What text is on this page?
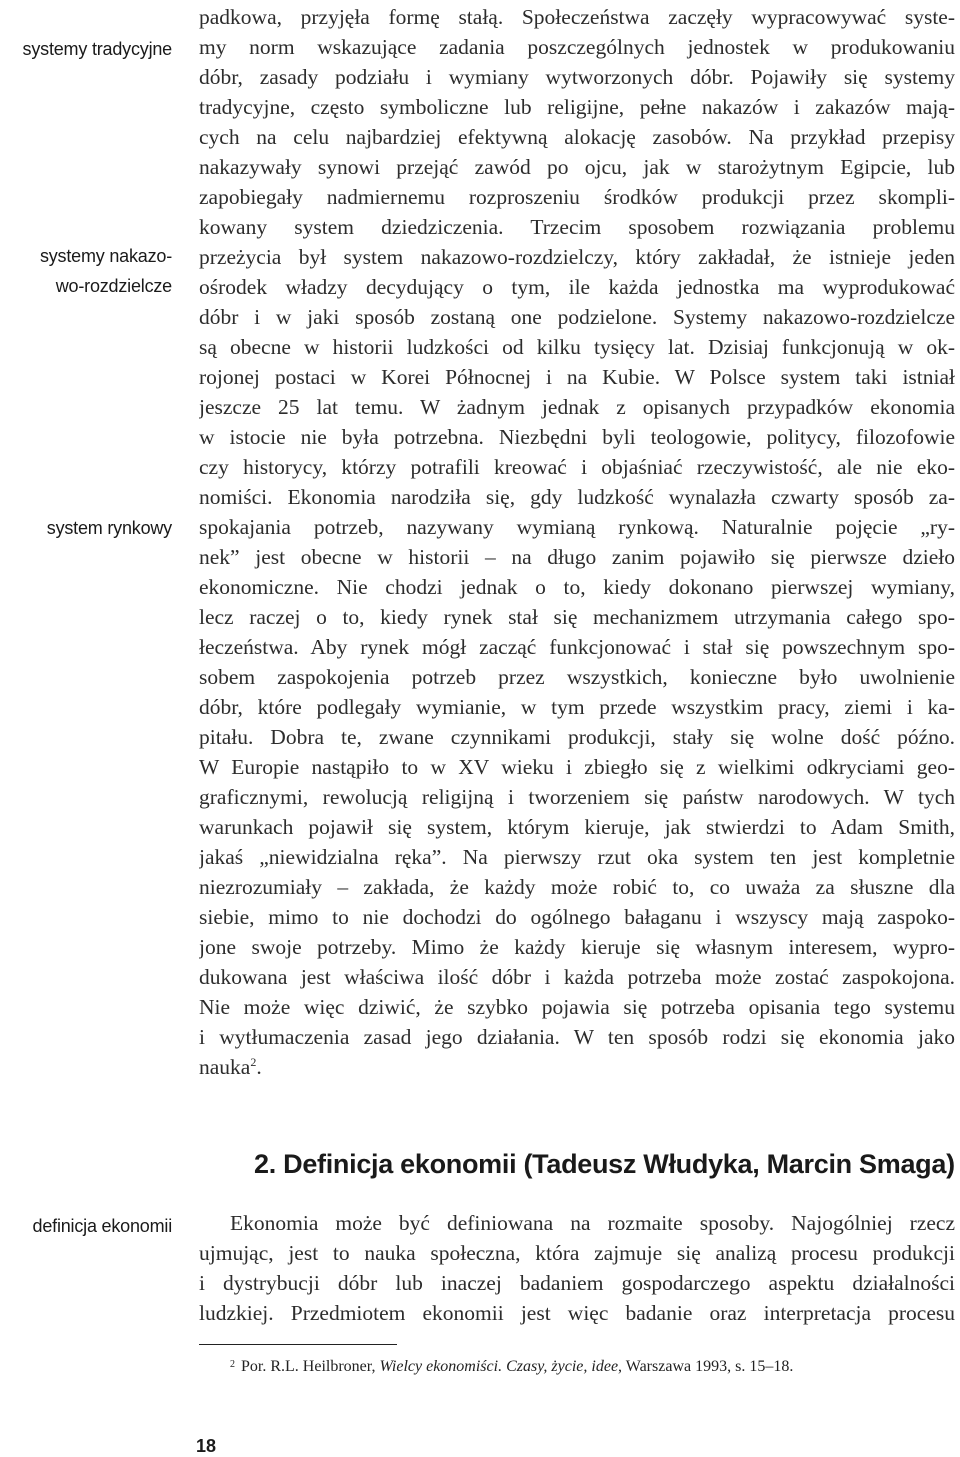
systemy tradycyjne
systemy nakazo-
wo-rozdzielcze
system rynkowy
definicja ekonomii
padkowa, przyjęła formę stałą. Społeczeństwa zaczęły wypracowywać syste-
my norm wskazujące zadania poszczególnych jednostek w produkowaniu
dóbr, zasady podziału i wymiany wytworzonych dóbr. Pojawiły się systemy
tradycyjne, często symboliczne lub religijne, pełne nakazów i zakazów mają-
cych na celu najbardziej efektywną alokację zasobów. Na przykład przepisy
nakazywały synowi przejąć zawód po ojcu, jak w starożytnym Egipcie, lub
zapobiegały nadmiernemu rozproszeniu środków produkcji przez skompli-
kowany system dziedziczenia. Trzecim sposobem rozwiązania problemu
przeżycia był system nakazowo-rozdzielczy, który zakładał, że istnieje jeden
ośrodek władzy decydujący o tym, ile każda jednostka ma wyprodukować
dóbr i w jaki sposób zostaną one podzielone. Systemy nakazowo-rozdzielcze
są obecne w historii ludzkości od kilku tysięcy lat. Dzisiaj funkcjonują w ok-
rojonej postaci w Korei Północnej i na Kubie. W Polsce system taki istniał
jeszcze 25 lat temu. W żadnym jednak z opisanych przypadków ekonomia
w istocie nie była potrzebna. Niezbędni byli teologowie, politycy, filozofowie
czy historycy, którzy potrafili kreować i objaśniać rzeczywistość, ale nie eko-
nomiści. Ekonomia narodziła się, gdy ludzkość wynalazła czwarty sposób za-
spokajania potrzeb, nazywany wymianą rynkową. Naturalnie pojęcie „ry-
nek” jest obecne w historii – na długo zanim pojawiło się pierwsze dzieło
ekonomiczne. Nie chodzi jednak o to, kiedy dokonano pierwszej wymiany,
lecz raczej o to, kiedy rynek stał się mechanizmem utrzymania całego spo-
łeczeństwa. Aby rynek mógł zacząć funkcjonować i stał się powszechnym spo-
sobem zaspokojenia potrzeb przez wszystkich, konieczne było uwolnienie
dóbr, które podlegały wymianie, w tym przede wszystkim pracy, ziemi i ka-
pitału. Dobra te, zwane czynnikami produkcji, stały się wolne dość późno.
W Europie nastąpiło to w XV wieku i zbiegło się z wielkimi odkryciami geo-
graficznymi, rewolucją religijną i tworzeniem się państw narodowych. W tych
warunkach pojawił się system, którym kieruje, jak stwierdzi to Adam Smith,
jakaś „niewidzialna ręka”. Na pierwszy rzut oka system ten jest kompletnie
niezrozumiały – zakłada, że każdy może robić to, co uważa za słuszne dla
siebie, mimo to nie dochodzi do ogólnego bałaganu i wszyscy mają zaspoko-
jone swoje potrzeby. Mimo że każdy kieruje się własnym interesem, wypro-
dukowana jest właściwa ilość dóbr i każda potrzeba może zostać zaspokojona.
Nie może więc dziwić, że szybko pojawia się potrzeba opisania tego systemu
i wytłumaczenia zasad jego działania. W ten sposób rodzi się ekonomia jako
nauka$^2$.
2. Definicja ekonomii (Tadeusz Włudyka, Marcin Smaga)
Ekonomia może być definiowana na rozmaite sposoby. Najogólniej rzecz
ujmując, jest to nauka społeczna, która zajmuje się analizą procesu produkcji
i dystrybucji dóbr lub inaczej badaniem gospodarczego aspektu działalności
ludzkiej. Przedmiotem ekonomii jest więc badanie oraz interpretacja procesu
$^2$ Por. R.L. Heilbroner, Wielcy ekonomiści. Czasy, życie, idee, Warszawa 1993, s. 15–18.
18
